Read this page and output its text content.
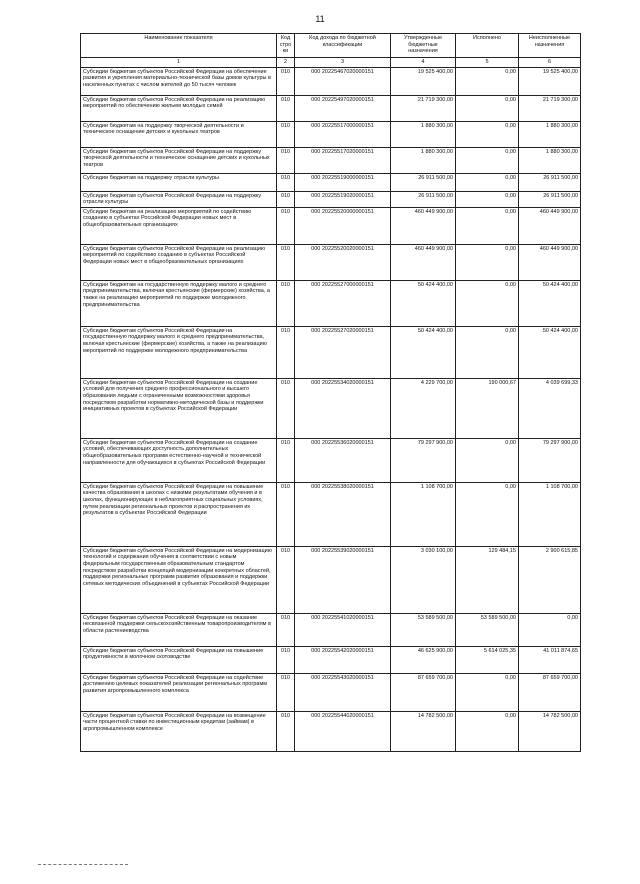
11
Наименование показателя	Код строки	Код дохода по бюджетной классификации	Утвержденные бюджетные назначения	Исполнено	Неисполненные назначения
1	2	3	4	5	6
Субсидии бюджетам субъектов Российской Федерации на обеспечение развития и укрепления материально-технической базы домов культуры в населенных пунктах с числом жителей до 50 тысяч человек	010	000 20225467020000151	19 525 400,00	0,00	19 525 400,00
Субсидии бюджетам субъектов Российской Федерации на реализацию мероприятий по обеспечению жильем молодых семей	010	000 20225497020000151	21 719 300,00	0,00	21 719 300,00
Субсидии бюджетам на поддержку творческой деятельности и техническое оснащение детских и кукольных театров	010	000 20225517000000151	1 880 300,00	0,00	1 880 300,00
Субсидии бюджетам субъектов Российской Федерации на поддержку творческой деятельности и техническое оснащение детских и кукольных театров	010	000 20225517020000151	1 880 300,00	0,00	1 880 300,00
Субсидии бюджетам на поддержку отрасли культуры	010	000 20225519000000151	26 911 500,00	0,00	26 911 500,00
Субсидии бюджетам субъектов Российской Федерации на поддержку отрасли культуры	010	000 20225519020000151	26 911 500,00	0,00	26 911 500,00
Субсидии бюджетам на реализацию мероприятий по содействию созданию в субъектах Российской Федерации новых мест в общеобразовательных организациях	010	000 20225520000000151	460 449 900,00	0,00	460 449 900,00
Субсидии бюджетам субъектов Российской Федерации на реализацию мероприятий по содействию созданию в субъектах Российской Федерации новых мест в общеобразовательных организациях	010	000 20225520020000151	460 449 900,00	0,00	460 449 900,00
Субсидии бюджетам на государственную поддержку малого и среднего предпринимательства, включая крестьянские (фермерские) хозяйства, а также на реализацию мероприятий по поддержке молодежного предпринимательства	010	000 20225527000000151	50 424 400,00	0,00	50 424 400,00
Субсидии бюджетам субъектов Российской Федерации на государственную поддержку малого и среднего предпринимательства, включая крестьянские (фермерские) хозяйства, а также на реализацию мероприятий по поддержке молодежного предпринимательства	010	000 20225527020000151	50 424 400,00	0,00	50 424 400,00
Субсидии бюджетам субъектов Российской Федерации на создание условий для получения среднего профессионального и высшего образования людьми с ограниченными возможностями здоровья посредством разработки нормативно-методической базы и поддержки инициативных проектов в субъектах Российской Федерации	010	000 20225534020000151	4 229 700,00	190 000,67	4 039 699,33
Субсидии бюджетам субъектов Российской Федерации на создание условий, обеспечивающих доступность дополнительных общеобразовательных программ естественно-научной и технической направленности для обучающихся в субъектах Российской Федерации	010	000 20225536020000151	79 297 900,00	0,00	79 297 900,00
Субсидии бюджетам субъектов Российской Федерации на повышение качества образования в школах с низкими результатами обучения и в школах, функционирующих в неблагоприятных социальных условиях, путем реализации региональных проектов и распространения их результатов в субъектах Российской Федерации	010	000 20225538020000151	1 108 700,00	0,00	1 108 700,00
Субсидии бюджетам субъектов Российской Федерации на модернизацию технологий и содержания обучения в соответствии с новым федеральным государственным образовательным стандартом посредством разработки концепций модернизации конкретных областей, поддержки региональных программ развития образования и поддержки сетевых методических объединений в субъектах Российской Федерации	010	000 20225539020000151	3 030 100,00	129 484,15	2 900 615,85
Субсидии бюджетам субъектов Российской Федерации на оказание несвязанной поддержки сельскохозяйственным товаропроизводителям в области растениеводства	010	000 20225541020000151	53 589 500,00	53 589 500,00	0,00
Субсидии бюджетам субъектов Российской Федерации на повышение продуктивности в молочном скотоводстве	010	000 20225542020000151	46 625 900,00	5 614 025,35	41 011 874,65
Субсидии бюджетам субъектов Российской Федерации на содействие достижению целевых показателей реализации региональных программ развития агропромышленного комплекса	010	000 20225543020000151	87 659 700,00	0,00	87 659 700,00
Субсидии бюджетам субъектов Российской Федерации на возмещение части процентной ставки по инвестиционным кредитам (займам) в агропромышленном комплексе	010	000 20225544020000151	14 782 500,00	0,00	14 782 500,00
